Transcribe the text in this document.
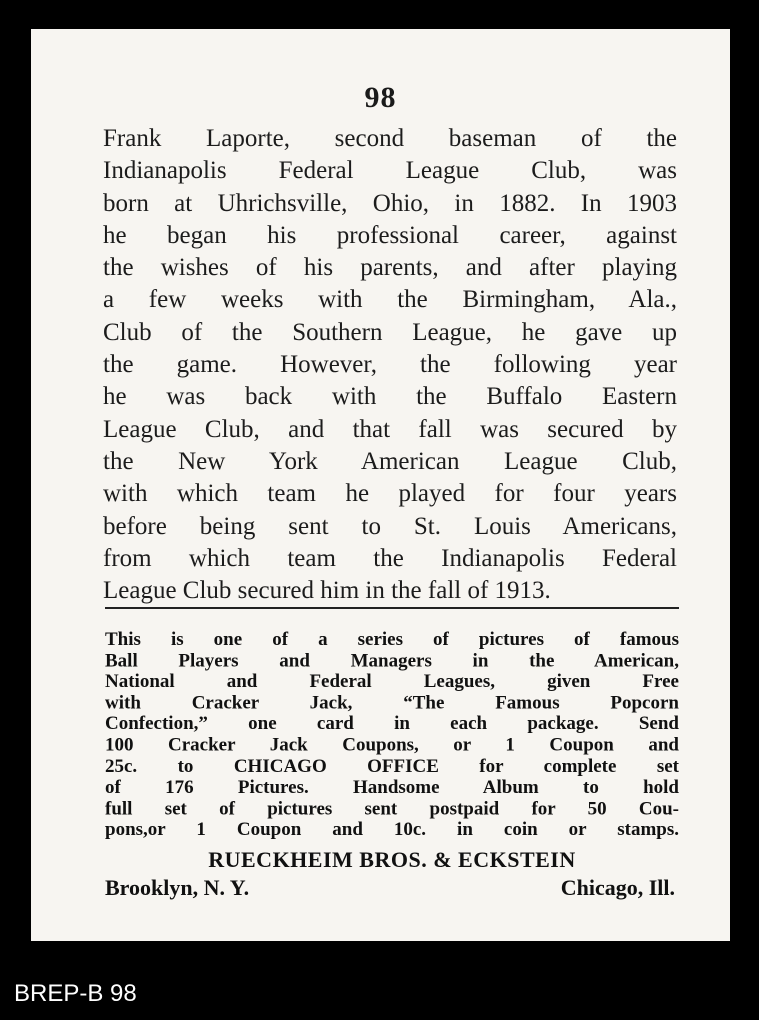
98
Frank Laporte, second baseman of the
Indianapolis Federal League Club, was
born at Uhrichsville, Ohio, in 1882. In 1903
he began his professional career, against
the wishes of his parents, and after playing
a few weeks with the Birmingham, Ala.,
Club of the Southern League, he gave up
the game. However, the following year
he was back with the Buffalo Eastern
League Club, and that fall was secured by
the New York American League Club,
with which team he played for four years
before being sent to St. Louis Americans,
from which team the Indianapolis Federal
League Club secured him in the fall of 1913.
This is one of a series of pictures of famous
Ball Players and Managers in the American,
National and Federal Leagues, given Free
with Cracker Jack, “The Famous Popcorn
Confection,” one card in each package. Send
100 Cracker Jack Coupons, or 1 Coupon and
25c. to CHICAGO OFFICE for complete set
of 176 Pictures. Handsome Album to hold
full set of pictures sent postpaid for 50 Cou-
pons,or 1 Coupon and 10c. in coin or stamps.
RUECKHEIM BROS. & ECKSTEIN
Brooklyn, N. Y.	Chicago, Ill.
BREP-B 98
